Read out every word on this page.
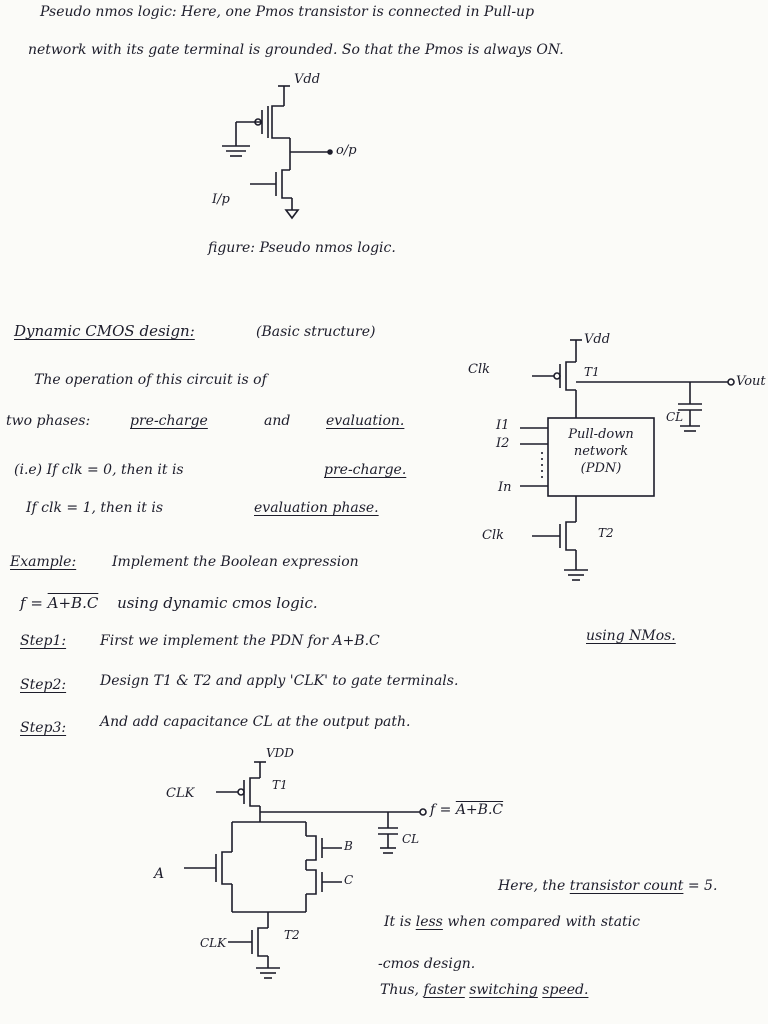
Pseudo nmos logic: Here, one Pmos transistor is connected in Pull-up
network with its gate terminal is grounded. So that the Pmos is always ON.
Vdd
o/p
I/p
figure: Pseudo nmos logic.
Dynamic CMOS design:	(Basic structure)
The operation of this circuit is of
two phases:	pre-charge	and	evaluation.
(i.e) If clk = 0, then it is	pre-charge.
If clk = 1, then it is	evaluation phase.
Vdd
Clk	T1
Vout
CL
I1
I2
In
Pull-down
network
(PDN)
Clk	T2
Example:	Implement the Boolean expression
f = A+B.C using dynamic cmos logic.
Step1: First we implement the PDN for A+B.C	using NMos.
Step2: Design T1 & T2 and apply 'CLK' to gate terminals.
Step3: And add capacitance CL at the output path.
VDD
CLK
T1
f = A+B.C
CL
A
B
C
CLK
T2
Here, the transistor count = 5.
It is less when compared with static
-cmos design.
Thus, faster switching speed.
